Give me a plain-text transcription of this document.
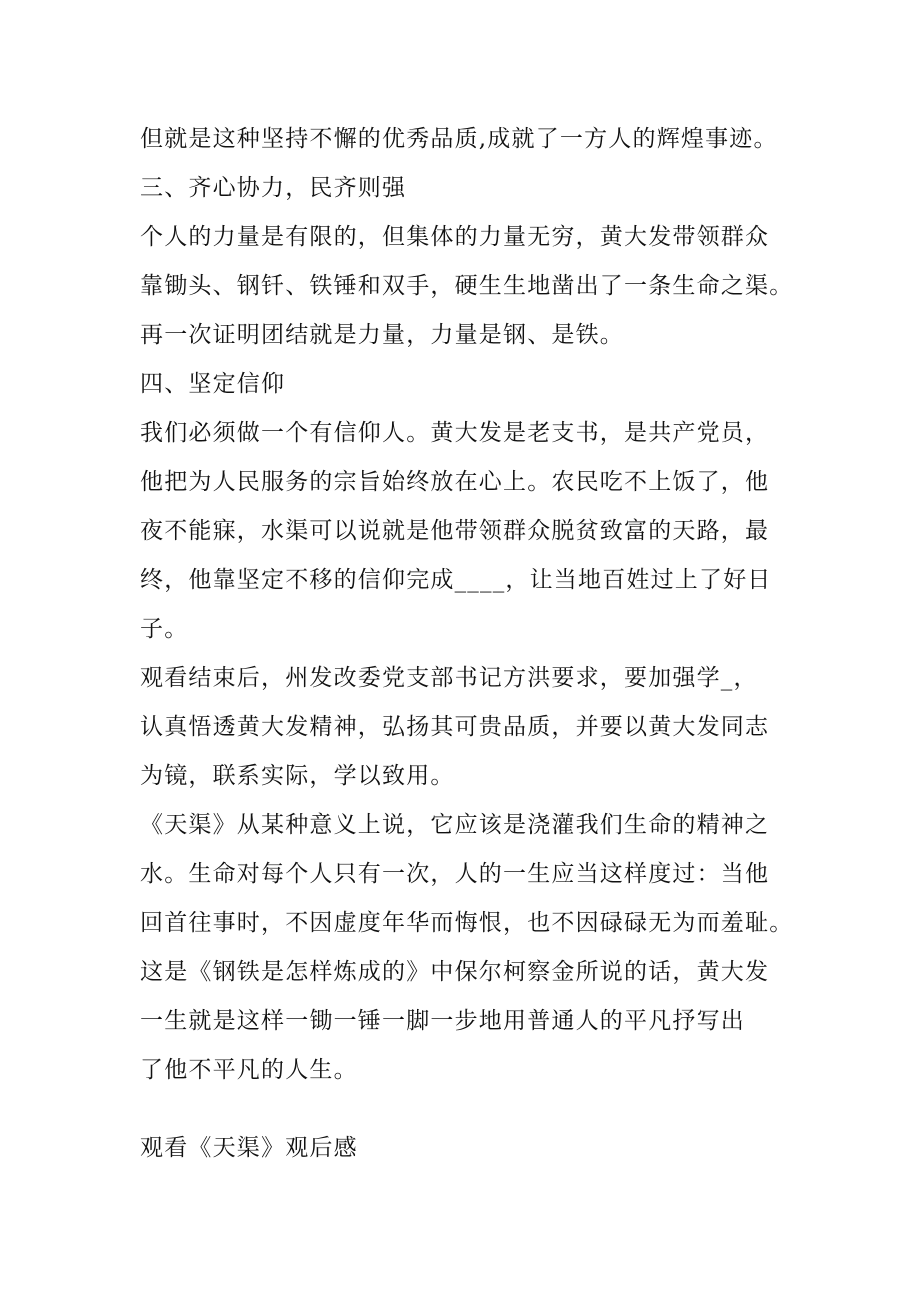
但就是这种坚持不懈的优秀品质,成就了一方人的辉煌事迹。
三、齐心协力，民齐则强
个人的力量是有限的，但集体的力量无穷，黄大发带领群众
靠锄头、钢钎、铁锤和双手，硬生生地凿出了一条生命之渠。
再一次证明团结就是力量，力量是钢、是铁。
四、坚定信仰
我们必须做一个有信仰人。黄大发是老支书，是共产党员，
他把为人民服务的宗旨始终放在心上。农民吃不上饭了，他
夜不能寐，水渠可以说就是他带领群众脱贫致富的天路，最
终，他靠坚定不移的信仰完成____，让当地百姓过上了好日
子。
观看结束后，州发改委党支部书记方洪要求，要加强学_，
认真悟透黄大发精神，弘扬其可贵品质，并要以黄大发同志
为镜，联系实际，学以致用。
《天渠》从某种意义上说，它应该是浇灌我们生命的精神之
水。生命对每个人只有一次，人的一生应当这样度过：当他
回首往事时，不因虚度年华而悔恨，也不因碌碌无为而羞耻。
这是《钢铁是怎样炼成的》中保尔柯察金所说的话，黄大发
一生就是这样一锄一锤一脚一步地用普通人的平凡抒写出
了他不平凡的人生。
观看《天渠》观后感
